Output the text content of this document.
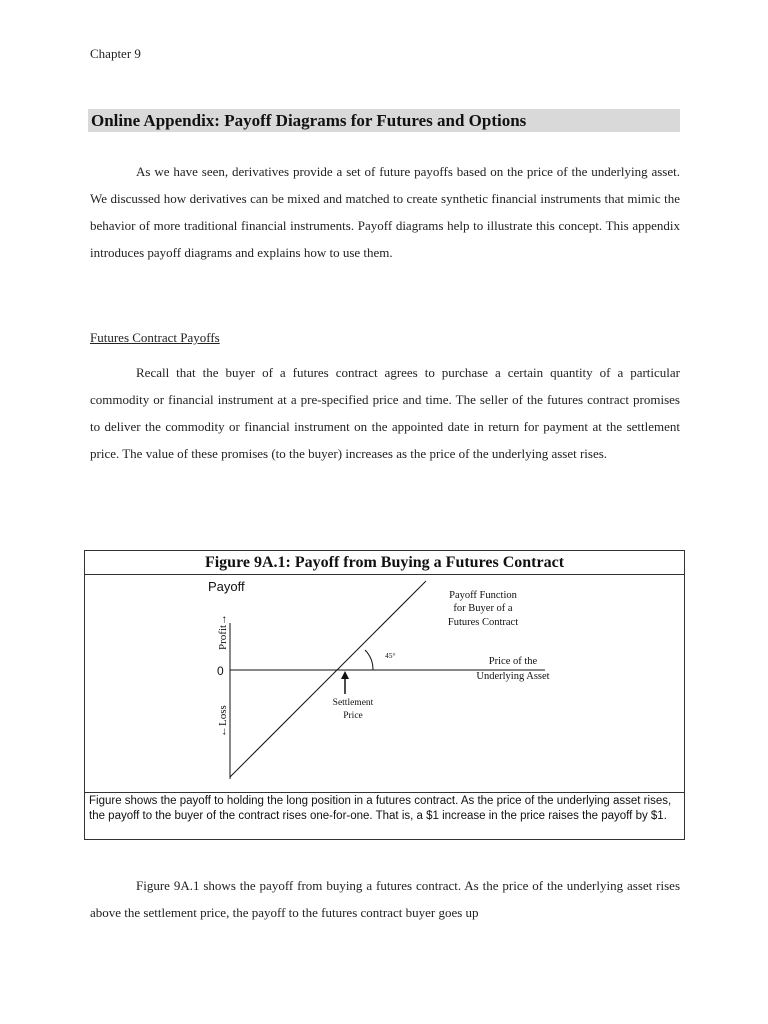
Chapter 9
Online Appendix: Payoff Diagrams for Futures and Options

As we have seen, derivatives provide a set of future payoffs based on the price of the underlying asset. We discussed how derivatives can be mixed and matched to create synthetic financial instruments that mimic the behavior of more traditional financial instruments. Payoff diagrams help to illustrate this concept. This appendix introduces payoff diagrams and explains how to use them.

Futures Contract Payoffs

Recall that the buyer of a futures contract agrees to purchase a certain quantity of a particular commodity or financial instrument at a pre-specified price and time. The seller of the futures contract promises to deliver the commodity or financial instrument on the appointed date in return for payment at the settlement price. The value of these promises (to the buyer) increases as the price of the underlying asset rises.

Figure 9A.1: Payoff from Buying a Futures Contract
Payoff
Profit→
←Loss
0
Payoff Function
for Buyer of a
Futures Contract
Price of the
Underlying Asset
Settlement
Price
45°
Figure shows the payoff to holding the long position in a futures contract. As the price of the underlying asset rises, the payoff to the buyer of the contract rises one-for-one. That is, a $1 increase in the price raises the payoff by $1.

Figure 9A.1 shows the payoff from buying a futures contract. As the price of the underlying asset rises above the settlement price, the payoff to the futures contract buyer goes up
